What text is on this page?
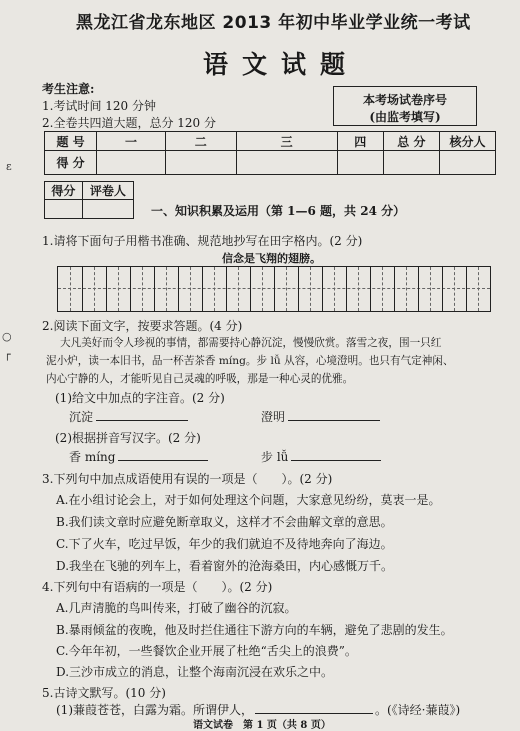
黑龙江省龙东地区 2013 年初中毕业学业统一考试
语文试题
考生注意:
1.考试时间 120 分钟
2.全卷共四道大题，总分 120 分
本考场试卷序号
(由监考填写)
题 号	一	二	三	四	总 分	核分人
得 分						
得分	评卷人

一、知识积累及运用（第 1—6 题，共 24 分）
1.请将下面句子用楷书准确、规范地抄写在田字格内。(2 分)
信念是飞翔的翅膀。
2.阅读下面文字，按要求答题。(4 分)
大凡美好而令人珍视的事情，都需要持心静沉淀，慢慢欣赏。落雪之夜，围一只红
泥小炉，读一本旧书，品一杯苦茶香 míng。步 lǚ 从容，心境澄明。也只有气定神闲、
内心宁静的人，才能听见自己灵魂的呼吸，那是一种心灵的优雅。
(1)给文中加点的字注音。(2 分)
沉淀	澄明
(2)根据拼音写汉字。(2 分)
香 míng	步 lǚ
3.下列句中加点成语使用有误的一项是（　　）。(2 分)
A.在小组讨论会上，对于如何处理这个问题，大家意见纷纷，莫衷一是。
B.我们读文章时应避免断章取义，这样才不会曲解文章的意思。
C.下了火车，吃过早饭，年少的我们就迫不及待地奔向了海边。
D.我坐在飞驰的列车上，看着窗外的沧海桑田，内心感慨万千。
4.下列句中有语病的一项是（　　）。(2 分)
A.几声清脆的鸟叫传来，打破了幽谷的沉寂。
B.暴雨倾盆的夜晚，他及时拦住通往下游方向的车辆，避免了悲剧的发生。
C.今年年初，一些餐饮企业开展了杜绝“舌尖上的浪费”。
D.三沙市成立的消息，让整个海南沉浸在欢乐之中。
5.古诗文默写。(10 分)
(1)蒹葭苍苍，白露为霜。所谓伊人，	。(《诗经·蒹葭》)
语文试卷　第 1 页（共 8 页）
○
┌
ɛ
